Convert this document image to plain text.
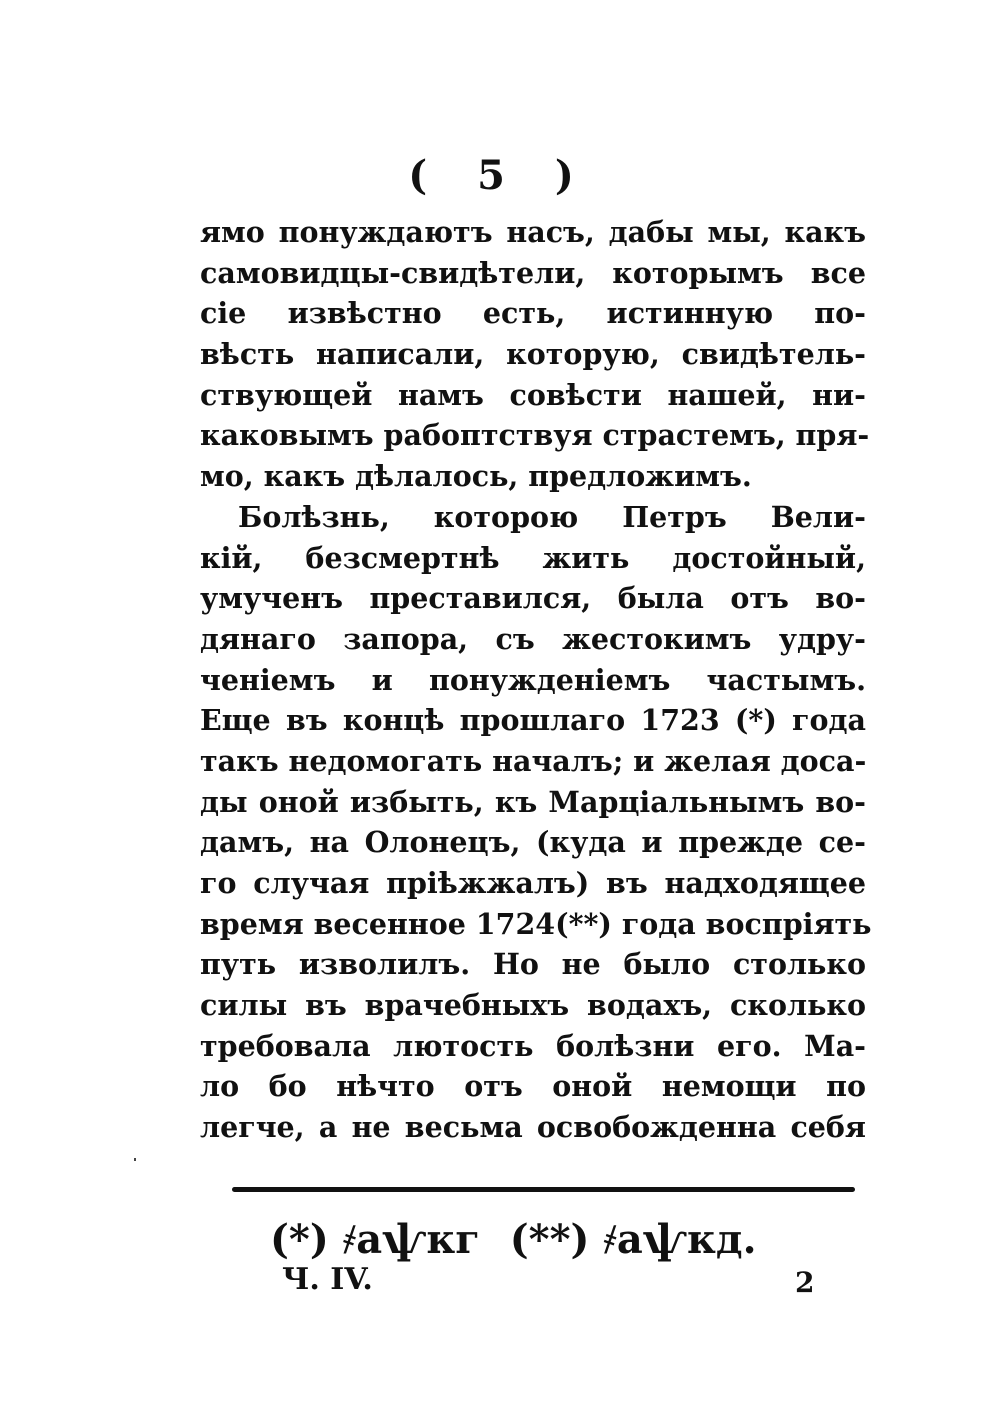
( 5 )
ямо понуждаютъ насъ, дабы мы, какъ
самовидцы-свидѣтели, которымъ все
сіе извѣстно есть, истинную по-
вѣсть написали, которую, свидѣтель-
ствующей намъ совѣсти нашей, ни-
каковымъ рабоптствуя страстемъ, пря-
мо, какъ дѣлалось, предложимъ.
Болѣзнь, которою Петръ Вели-
кій, безсмертнѣ жить достойный,
умученъ преставился, была отъ во-
дянаго запора, съ жестокимъ удру-
ченіемъ и понужденіемъ частымъ.
Еще въ концѣ прошлаго 1723 (*) года
такъ недомогать началъ; и желая доса-
ды оной избыть, къ Марціальнымъ во-
дамъ, на Олонецъ, (куда и прежде се-
го случая пріѣжжалъ) въ надходящее
время весенное 1724(**) года воспріять
путь изволилъ. Но не было столько
силы въ врачебныхъ водахъ, сколько
требовала лютость болѣзни его. Ма-
ло бо нѣчто отъ оной немощи по
легче, а не весьма освобожденна себя
(*) ҂аѱкг (**) ҂аѱкд.
Ч. IV.	2
